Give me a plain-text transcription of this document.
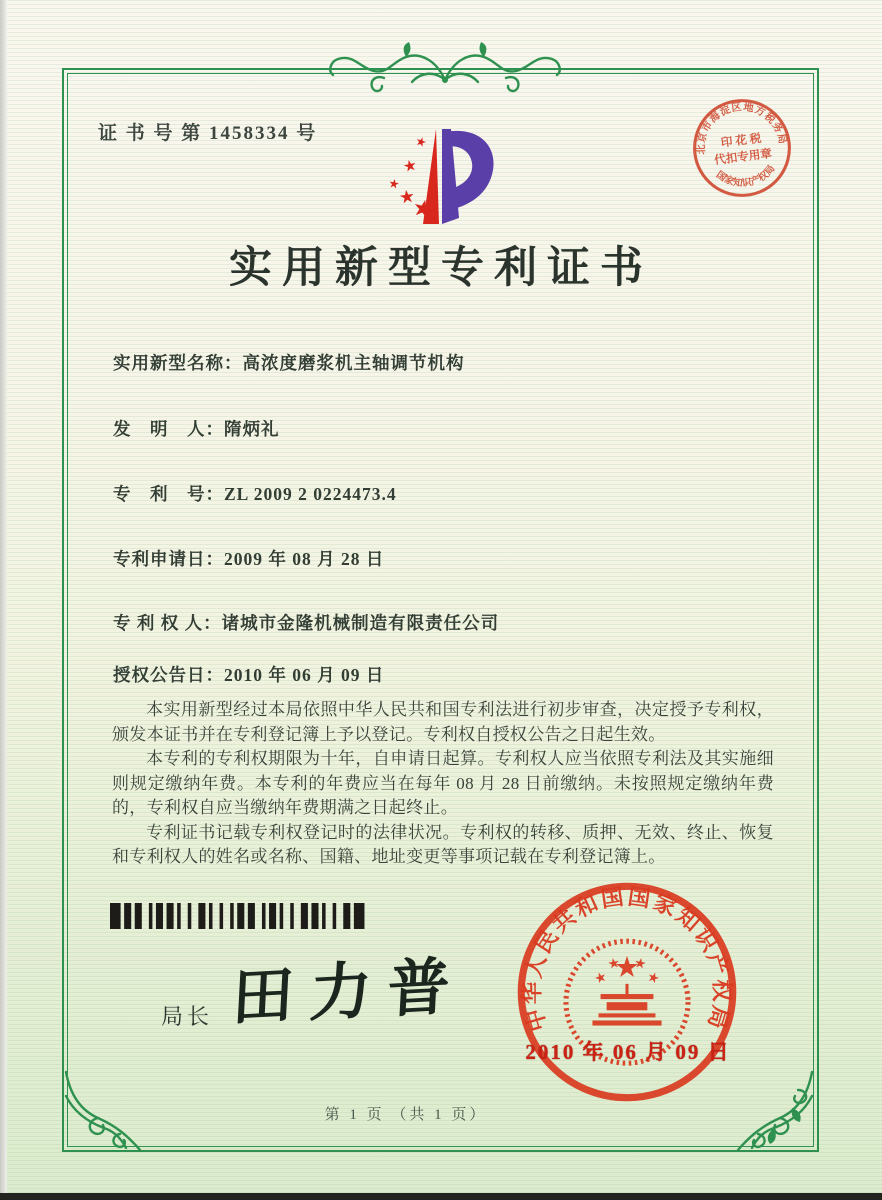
证 书 号 第 1458334 号
实用新型专利证书
实用新型名称：高浓度磨浆机主轴调节机构
发　明　人：隋炳礼
专　利　号：ZL 2009 2 0224473.4
专利申请日：2009 年 08 月 28 日
专 利 权 人：诸城市金隆机械制造有限责任公司
授权公告日：2010 年 06 月 09 日

本实用新型经过本局依照中华人民共和国专利法进行初步审查，决定授予专利权，颁发本证书并在专利登记簿上予以登记。专利权自授权公告之日起生效。

本专利的专利权期限为十年，自申请日起算。专利权人应当依照专利法及其实施细则规定缴纳年费。本专利的年费应当在每年 08 月 28 日前缴纳。未按照规定缴纳年费的，专利权自应当缴纳年费期满之日起终止。

专利证书记载专利权登记时的法律状况。专利权的转移、质押、无效、终止、恢复和专利权人的姓名或名称、国籍、地址变更等事项记载在专利登记簿上。

局长 田力普 中华人民共和国国家知识产权局
2010 年 06 月 09 日
北京市海淀区地方税务局
国家知识产权局
印 花 税
代扣专用章
第 1 页 （共 1 页）
